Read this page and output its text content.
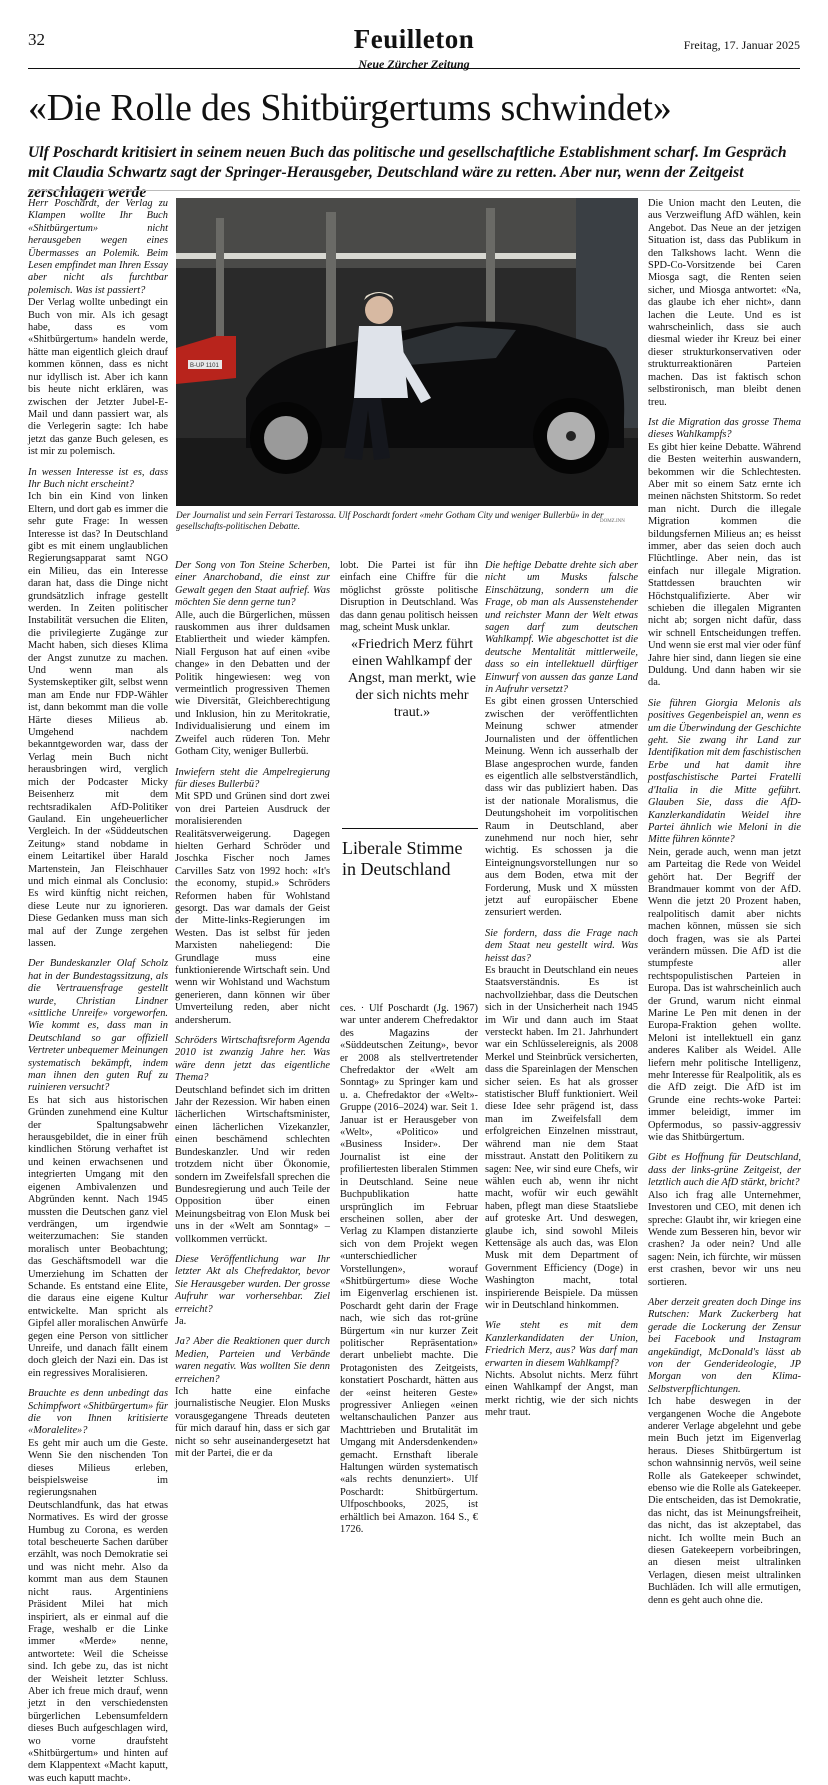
32	Feuilleton
Neue Zürcher Zeitung
Freitag, 17. Januar 2025
«Die Rolle des Shitbürgertums schwindet»
Ulf Poschardt kritisiert in seinem neuen Buch das politische und gesellschaftliche Establishment scharf. Im Gespräch mit Claudia Schwartz sagt der Springer-Herausgeber, Deutschland wäre zu retten. Aber nur, wenn der Zeitgeist zerschlagen werde

Herr Poschardt, der Verlag zu Klampen wollte Ihr Buch «Shitbürgertum» nicht herausgeben wegen eines Übermasses an Polemik. Beim Lesen empfindet man Ihren Essay aber nicht als furchtbar polemisch. Was ist passiert?

Der Verlag wollte unbedingt ein Buch von mir. Als ich gesagt habe, dass es vom «Shitbürgertum» handeln werde, hätte man eigentlich gleich drauf kommen können, dass es nicht nur idyllisch ist. Aber ich kann bis heute nicht erklären, was zwischen der Jetzter Jubel-E-Mail und dann passiert war, als die Verlegerin sagte: Ich habe jetzt das ganze Buch gelesen, es ist mir zu polemisch.

In wessen Interesse ist es, dass Ihr Buch nicht erscheint?

Ich bin ein Kind von linken Eltern, und dort gab es immer die sehr gute Frage: In wessen Interesse ist das? In Deutschland gibt es mit einem unglaublichen Regierungsapparat samt NGO ein Milieu, das ein Interesse daran hat, dass die Dinge nicht grundsätzlich infrage gestellt werden. In Zeiten politischer Instabilität versuchen die Eliten, die privilegierte Zugänge zur Macht haben, sich dieses Klima der Angst zunutze zu machen. Und wenn man als Systemskeptiker gilt, selbst wenn man am Ende nur FDP-Wähler ist, dann bekommt man die volle Härte dieses Milieus ab. Umgehend nachdem bekanntgeworden war, dass der Verlag mein Buch nicht herausbringen wird, verglich mich der Podcaster Micky Beisenherz mit dem rechtsradikalen AfD-Politiker Gauland. Ein ungeheuerlicher Vergleich. In der «Süddeutschen Zeitung» stand nobdame in einem Leitartikel über Harald Martenstein, Jan Fleischhauer und mich einmal als Conclusio: Es wird künftig nicht reichen, diese Leute nur zu ignorieren. Diese Gedanken muss man sich mal auf der Zunge zergehen lassen.

Der Bundeskanzler Olaf Scholz hat in der Bundestagssitzung, als die Vertrauensfrage gestellt wurde, Christian Lindner «sittliche Unreife» vorgeworfen. Wie kommt es, dass man in Deutschland so gar offiziell Vertreter unbequemer Meinungen systematisch bekämpft, indem man ihnen den guten Ruf zu ruinieren versucht?

Es hat sich aus historischen Gründen zunehmend eine Kultur der Spaltungsabwehr herausgebildet, die in einer früh kindlichen Störung verhaftet ist und keinen erwachsenen und integrierten Umgang mit den eigenen Ambivalenzen und Abgründen kennt. Nach 1945 mussten die Deutschen ganz viel verdrängen, um irgendwie weiterzumachen: Sie standen moralisch unter Beobachtung; das Geschäftsmodell war die Umerziehung im Schatten der Schande. Es entstand eine Elite, die daraus eine eigene Kultur entwickelte. Man spricht als Gipfel aller moralischen Anwürfe gegen eine Person von sittlicher Unreife, und danach fällt einem doch gleich der Nazi ein. Das ist ein regressives Moralisieren.

Brauchte es denn unbedingt das Schimpfwort «Shitbürgertum» für die von Ihnen kritisierte «Moralelite»?

Es geht mir auch um die Geste. Wenn Sie den nischenden Ton dieses Milieus erleben, beispielsweise im regierungsnahen Deutschlandfunk, das hat etwas Normatives. Es wird der grosse Humbug zu Corona, es werden total bescheuerte Sachen darüber erzählt, was noch Demokratie sei und was nicht mehr. Also da kommt man aus dem Staunen nicht raus. Argentiniens Präsident Milei hat mich inspiriert, als er einmal auf die Frage, weshalb er die Linke immer «Merde» nenne, antwortete: Weil die Scheisse sind. Ich gebe zu, das ist nicht der Weisheit letzter Schluss. Aber ich freue mich drauf, wenn jetzt in den verschiedensten bürgerlichen Lebensumfeldern dieses Buch aufgeschlagen wird, wo vorne draufsteht «Shitbürgertum» und hinten auf dem Klappentext «Macht kaputt, was euch kaputt macht».

B-UP 1101
Der Journalist und sein Ferrari Testarossa. Ulf Poschardt fordert «mehr Gotham City und weniger Bullerbü» in der gesellschafts-politischen Debatte.	DOMZ.INN

Der Song von Ton Steine Scherben, einer Anarchoband, die einst zur Gewalt gegen den Staat aufrief. Was möchten Sie denn gerne tun?

Alle, auch die Bürgerlichen, müssen rauskommen aus ihrer duldsamen Etabliertheit und wieder kämpfen. Niall Ferguson hat auf einen «vibe change» in den Debatten und der Politik hingewiesen: weg von vermeintlich progressiven Themen wie Diversität, Gleichberechtigung und Inklusion, hin zu Meritokratie, Individualisierung und einem im Zweifel auch rüderen Ton. Mehr Gotham City, weniger Bullerbü.

Inwiefern steht die Ampelregierung für dieses Bullerbü?

Mit SPD und Grünen sind dort zwei von drei Parteien Ausdruck der moralisierenden Realitätsverweigerung. Dagegen hielten Gerhard Schröder und Joschka Fischer noch James Carvilles Satz von 1992 hoch: «It's the economy, stupid.» Schröders Reformen haben für Wohlstand gesorgt. Das war damals der Geist der Mitte-links-Regierungen im Westen. Das ist selbst für jeden Marxisten naheliegend: Die Grundlage muss eine funktionierende Wirtschaft sein. Und wenn wir Wohlstand und Wachstum generieren, dann können wir über Umverteilung reden, aber nicht andersherum.

Schröders Wirtschaftsreform Agenda 2010 ist zwanzig Jahre her. Was wäre denn jetzt das eigentliche Thema?

Deutschland befindet sich im dritten Jahr der Rezession. Wir haben einen lächerlichen Wirtschaftsminister, einen lächerlichen Vizekanzler, einen beschämend schlechten Bundeskanzler. Und wir reden trotzdem nicht über Ökonomie, sondern im Zweifelsfall sprechen die Bundesregierung und auch Teile der Opposition über einen Meinungsbeitrag von Elon Musk bei uns in der «Welt am Sonntag» – vollkommen verrückt.

Diese Veröffentlichung war Ihr letzter Akt als Chefredaktor, bevor Sie Herausgeber wurden. Der grosse Aufruhr war vorhersehbar. Ziel erreicht?

Ja.

Ja? Aber die Reaktionen quer durch Medien, Parteien und Verbände waren negativ. Was wollten Sie denn erreichen?

Ich hatte eine einfache journalistische Neugier. Elon Musks vorausgegangene Threads deuteten für mich darauf hin, dass er sich gar nicht so sehr auseinandergesetzt hat mit der Partei, die er da

lobt. Die Partei ist für ihn einfach eine Chiffre für die möglichst grösste politische Disruption in Deutschland. Was das dann genau politisch heissen mag, scheint Musk unklar.

«Friedrich Merz führt einen Wahlkampf der Angst, man merkt, wie der sich nichts mehr traut.»
Liberale Stimme in Deutschland

ces. · Ulf Poschardt (Jg. 1967) war unter anderem Chefredaktor des Magazins der «Süddeutschen Zeitung», bevor er 2008 als stellvertretender Chefredaktor der «Welt am Sonntag» zu Springer kam und u. a. Chefredaktor der «Welt»-Gruppe (2016–2024) war. Seit 1. Januar ist er Herausgeber von «Welt», «Politico» und «Business Insider». Der Journalist ist eine der profiliertesten liberalen Stimmen in Deutschland. Seine neue Buchpublikation hatte ursprünglich im Februar erscheinen sollen, aber der Verlag zu Klampen distanzierte sich von dem Projekt wegen «unterschiedlicher Vorstellungen», worauf «Shitbürgertum» diese Woche im Eigenverlag erschienen ist. Poschardt geht darin der Frage nach, wie sich das rot-grüne Bürgertum «in nur kurzer Zeit politischer Repräsentation» derart unbeliebt machte. Die Protagonisten des Zeitgeists, konstatiert Poschardt, hätten aus der «einst heiteren Geste» progressiver Anliegen «einen weltanschaulichen Panzer aus Machttrieben und Brutalität im Umgang mit Andersdenkenden» gemacht. Ernsthaft liberale Haltungen würden systematisch «als rechts denunziert». Ulf Poschardt: Shitbürgertum. Ulfposchbooks, 2025, ist erhältlich bei Amazon. 164 S., € 1726.

Die heftige Debatte drehte sich aber nicht um Musks falsche Einschätzung, sondern um die Frage, ob man als Aussenstehender und reichster Mann der Welt etwas sagen darf zum deutschen Wahlkampf. Wie abgeschottet ist die deutsche Mentalität mittlerweile, dass so ein intellektuell dürftiger Einwurf von aussen das ganze Land in Aufruhr versetzt?

Es gibt einen grossen Unterschied zwischen der veröffentlichten Meinung schwer atmender Journalisten und der öffentlichen Meinung. Wenn ich ausserhalb der Blase angesprochen wurde, fanden es eigentlich alle selbstverständlich, dass wir das publiziert haben. Das ist der nationale Moralismus, die Deutungshoheit im vorpolitischen Raum in Deutschland, aber zunehmend nur noch hier, sehr wichtig. Es schossen ja die Einteignungsvorstellungen nur so aus dem Boden, etwa mit der Forderung, Musk und X müssten jetzt auf europäischer Ebene zensuriert werden.

Sie fordern, dass die Frage nach dem Staat neu gestellt wird. Was heisst das?

Es braucht in Deutschland ein neues Staatsverständnis. Es ist nachvollziehbar, dass die Deutschen sich in der Unsicherheit nach 1945 im Wir und dann auch im Staat versteckt haben. Im 21. Jahrhundert war ein Schlüsselereignis, als 2008 Merkel und Steinbrück versicherten, dass die Spareinlagen der Menschen sicher seien. Es hat als grosser statistischer Bluff funktioniert. Weil diese Idee sehr prägend ist, dass man im Zweifelsfall dem erfolgreichen Einzelnen misstraut, während man nie dem Staat misstraut. Anstatt den Politikern zu sagen: Nee, wir sind eure Chefs, wir wählen euch ab, wenn ihr nicht macht, wofür wir euch gewählt haben, pflegt man diese Staatsliebe auf groteske Art. Und deswegen, glaube ich, sind sowohl Mileis Kettensäge als auch das, was Elon Musk mit dem Department of Government Efficiency (Doge) in Washington macht, total inspirierende Beispiele. Da müssen wir in Deutschland hinkommen.

Wie steht es mit dem Kanzlerkandidaten der Union, Friedrich Merz, aus? Was darf man erwarten in diesem Wahlkampf?

Nichts. Absolut nichts. Merz führt einen Wahlkampf der Angst, man merkt richtig, wie der sich nichts mehr traut.

Die Union macht den Leuten, die aus Verzweiflung AfD wählen, kein Angebot. Das Neue an der jetzigen Situation ist, dass das Publikum in den Talkshows lacht. Wenn die SPD-Co-Vorsitzende bei Caren Miosga sagt, die Renten seien sicher, und Miosga antwortet: «Na, das glaube ich eher nicht», dann lachen die Leute. Und es ist wahrscheinlich, dass sie auch diesmal wieder ihr Kreuz bei einer dieser strukturkonservativen oder strukturreaktionären Parteien machen. Das ist faktisch schon selbstironisch, man bleibt denen treu.

Ist die Migration das grosse Thema dieses Wahlkampfs?

Es gibt hier keine Debatte. Während die Besten weiterhin auswandern, bekommen wir die Schlechtesten. Aber mit so einem Satz ernte ich meinen nächsten Shitstorm. So redet man nicht. Durch die illegale Migration kommen die bildungsfernen Milieus an; es heisst immer, aber das seien doch auch Flüchtlinge. Aber nein, das ist einfach nur illegale Migration. Stattdessen brauchten wir Höchstqualifizierte. Aber wir schieben die illegalen Migranten nicht ab; sorgen nicht dafür, dass wir schnell Entscheidungen treffen. Und wenn sie erst mal vier oder fünf Jahre hier sind, dann liegen sie eine Duldung. Und dann haben wir sie da.

Sie führen Giorgia Melonis als positives Gegenbeispiel an, wenn es um die Überwindung der Geschichte geht. Sie zwang ihr Land zur Identifikation mit dem faschistischen Erbe und hat damit ihre postfaschistische Partei Fratelli d'Italia in die Mitte geführt. Glauben Sie, dass die AfD-Kanzlerkandidatin Weidel ihre Partei ähnlich wie Meloni in die Mitte führen könnte?

Nein, gerade auch, wenn man jetzt am Parteitag die Rede von Weidel gehört hat. Der Begriff der Brandmauer kommt von der AfD. Wenn die jetzt 20 Prozent haben, realpolitisch damit aber nichts machen können, müssen sie sich doch fragen, was sie als Partei verändern müssen. Die AfD ist die stumpfeste aller rechtspopulistischen Parteien in Europa. Das ist wahrscheinlich auch der Grund, warum nicht einmal Marine Le Pen mit denen in der Europa-Fraktion gehen wollte. Meloni ist intellektuell ein ganz anderes Kaliber als Weidel. Alle liefern mehr politische Intelligenz, mehr Interesse für Realpolitik, als es die AfD zeigt. Die AfD ist im Grunde eine rechts-woke Partei: immer beleidigt, immer im Opfermodus, so passiv-aggressiv wie das Shitbürgertum.

Gibt es Hoffnung für Deutschland, dass der links-grüne Zeitgeist, der letztlich auch die AfD stärkt, bricht?

Also ich frag alle Unternehmer, Investoren und CEO, mit denen ich spreche: Glaubt ihr, wir kriegen eine Wende zum Besseren hin, bevor wir crashen? Ja oder nein? Und alle sagen: Nein, ich fürchte, wir müssen erst crashen, bevor wir uns neu sortieren.

Aber derzeit greaten doch Dinge ins Rutschen: Mark Zuckerberg hat gerade die Lockerung der Zensur bei Facebook und Instagram angekündigt, McDonald's lässt ab von der Genderideologie, JP Morgan von den Klima-Selbstverpflichtungen.

Ich habe deswegen in der vergangenen Woche die Angebote anderer Verlage abgelehnt und gebe mein Buch jetzt im Eigenverlag heraus. Dieses Shitbürgertum ist schon wahnsinnig nervös, weil seine Rolle als Gatekeeper schwindet, ebenso wie die Rolle als Gatekeeper. Die entscheiden, das ist Demokratie, das nicht, das ist Meinungsfreiheit, das nicht, das ist akzeptabel, das nicht. Ich wollte mein Buch an diesen Gatekeepern vorbeibringen, an diesen meist ultralinken Verlagen, diesen meist ultralinken Buchläden. Ich will alle ermutigen, denn es geht auch ohne die.
